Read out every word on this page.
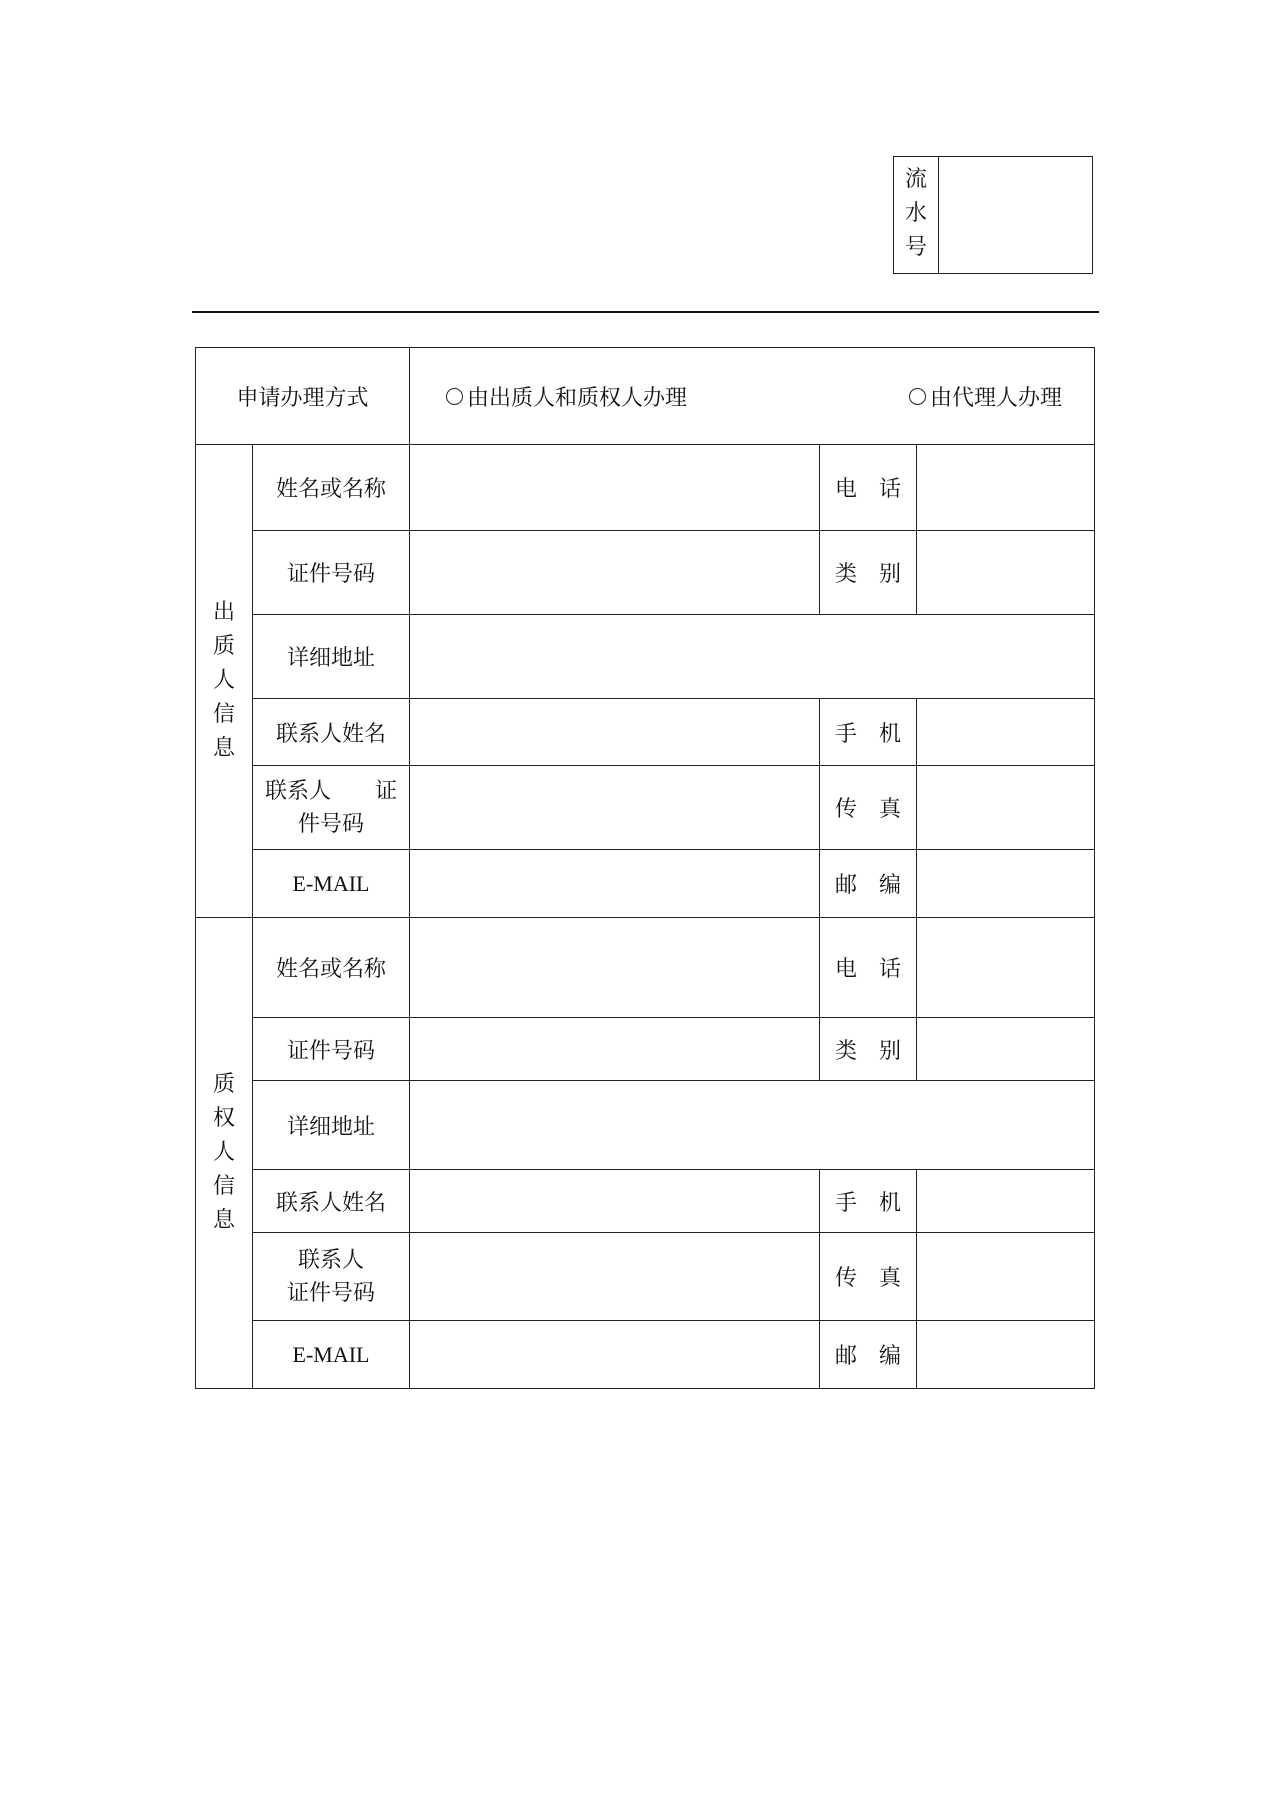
流
水
号
申请办理方式		由出质人和质权人办理 由代理人办理		

出
质
人
信
息	姓名或名称		电 话	
	证件号码		类 别	
	详细地址			
	联系人姓名		手 机	

	联系人　　证
件号码		传 真	
	E-MAIL		邮 编	

质
权
人
信
息	姓名或名称		电 话	
	证件号码		类 别	
	详细地址			
	联系人姓名		手 机	

	联系人
证件号码		传 真	
	E-MAIL		邮 编	
